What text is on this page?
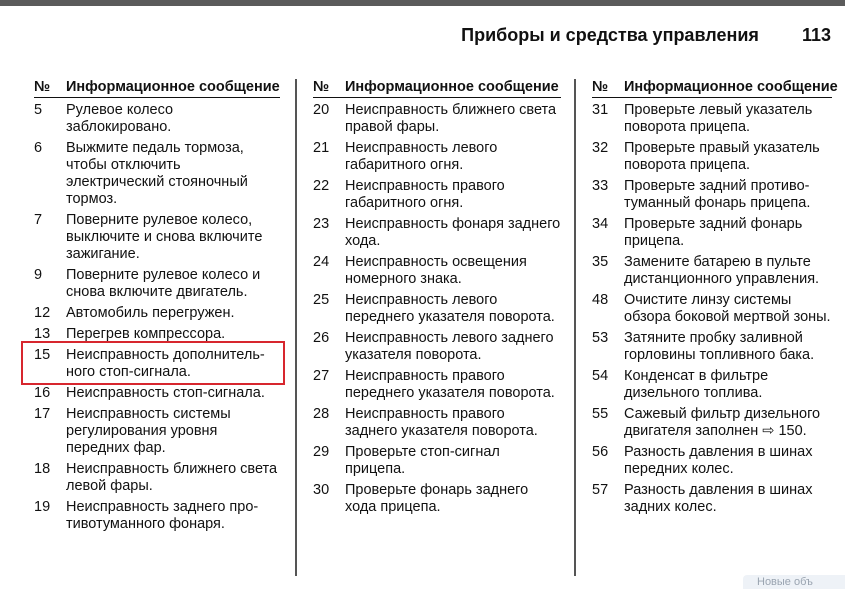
Приборы и средства управления 113
№	Информационное сообщение
5	Рулевое колесо заблокировано.
6	Выжмите педаль тормоза, чтобы отключить электрический стояночный тормоз.
7	Поверните рулевое колесо, выключите и снова включите зажигание.
9	Поверните рулевое колесо и снова включите двигатель.
12	Автомобиль перегружен.
13	Перегрев компрессора.
15	Неисправность дополнительного стоп-сигнала.
16	Неисправность стоп-сигнала.
17	Неисправность системы регулирования уровня передних фар.
18	Неисправность ближнего света левой фары.
19	Неисправность заднего противотуманного фонаря.
№	Информационное сообщение
20	Неисправность ближнего света правой фары.
21	Неисправность левого габаритного огня.
22	Неисправность правого габаритного огня.
23	Неисправность фонаря заднего хода.
24	Неисправность освещения номерного знака.
25	Неисправность левого переднего указателя поворота.
26	Неисправность левого заднего указателя поворота.
27	Неисправность правого переднего указателя поворота.
28	Неисправность правого заднего указателя поворота.
29	Проверьте стоп-сигнал прицепа.
30	Проверьте фонарь заднего хода прицепа.
№	Информационное сообщение
31	Проверьте левый указатель поворота прицепа.
32	Проверьте правый указатель поворота прицепа.
33	Проверьте задний противотуманный фонарь прицепа.
34	Проверьте задний фонарь прицепа.
35	Замените батарею в пульте дистанционного управления.
48	Очистите линзу системы обзора боковой мертвой зоны.
53	Затяните пробку заливной горловины топливного бака.
54	Конденсат в фильтре дизельного топлива.
55	Сажевый фильтр дизельного двигателя заполнен ⇨ 150.
56	Разность давления в шинах передних колес.
57	Разность давления в шинах задних колес.
Новые объ
